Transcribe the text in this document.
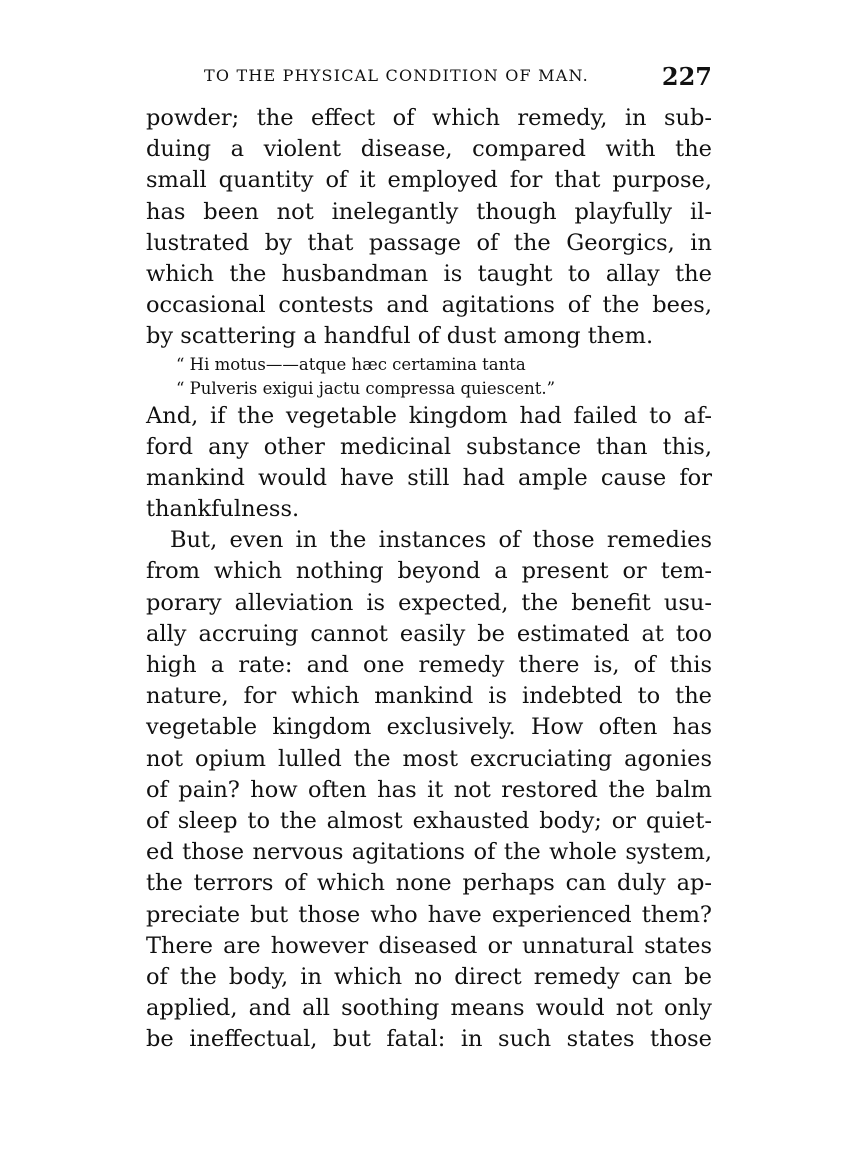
TO THE PHYSICAL CONDITION OF MAN.	227
powder; the effect of which remedy, in sub-
duing a violent disease, compared with the
small quantity of it employed for that purpose,
has been not inelegantly though playfully il-
lustrated by that passage of the Georgics, in
which the husbandman is taught to allay the
occasional contests and agitations of the bees,
by scattering a handful of dust among them.
“ Hi motus——atque hæc certamina tanta
“ Pulveris exigui jactu compressa quiescent.”
And, if the vegetable kingdom had failed to af-
ford any other medicinal substance than this,
mankind would have still had ample cause for
thankfulness.
But, even in the instances of those remedies
from which nothing beyond a present or tem-
porary alleviation is expected, the benefit usu-
ally accruing cannot easily be estimated at too
high a rate: and one remedy there is, of this
nature, for which mankind is indebted to the
vegetable kingdom exclusively. How often has
not opium lulled the most excruciating agonies
of pain? how often has it not restored the balm
of sleep to the almost exhausted body; or quiet-
ed those nervous agitations of the whole system,
the terrors of which none perhaps can duly ap-
preciate but those who have experienced them?
There are however diseased or unnatural states
of the body, in which no direct remedy can be
applied, and all soothing means would not only
be ineffectual, but fatal: in such states those
